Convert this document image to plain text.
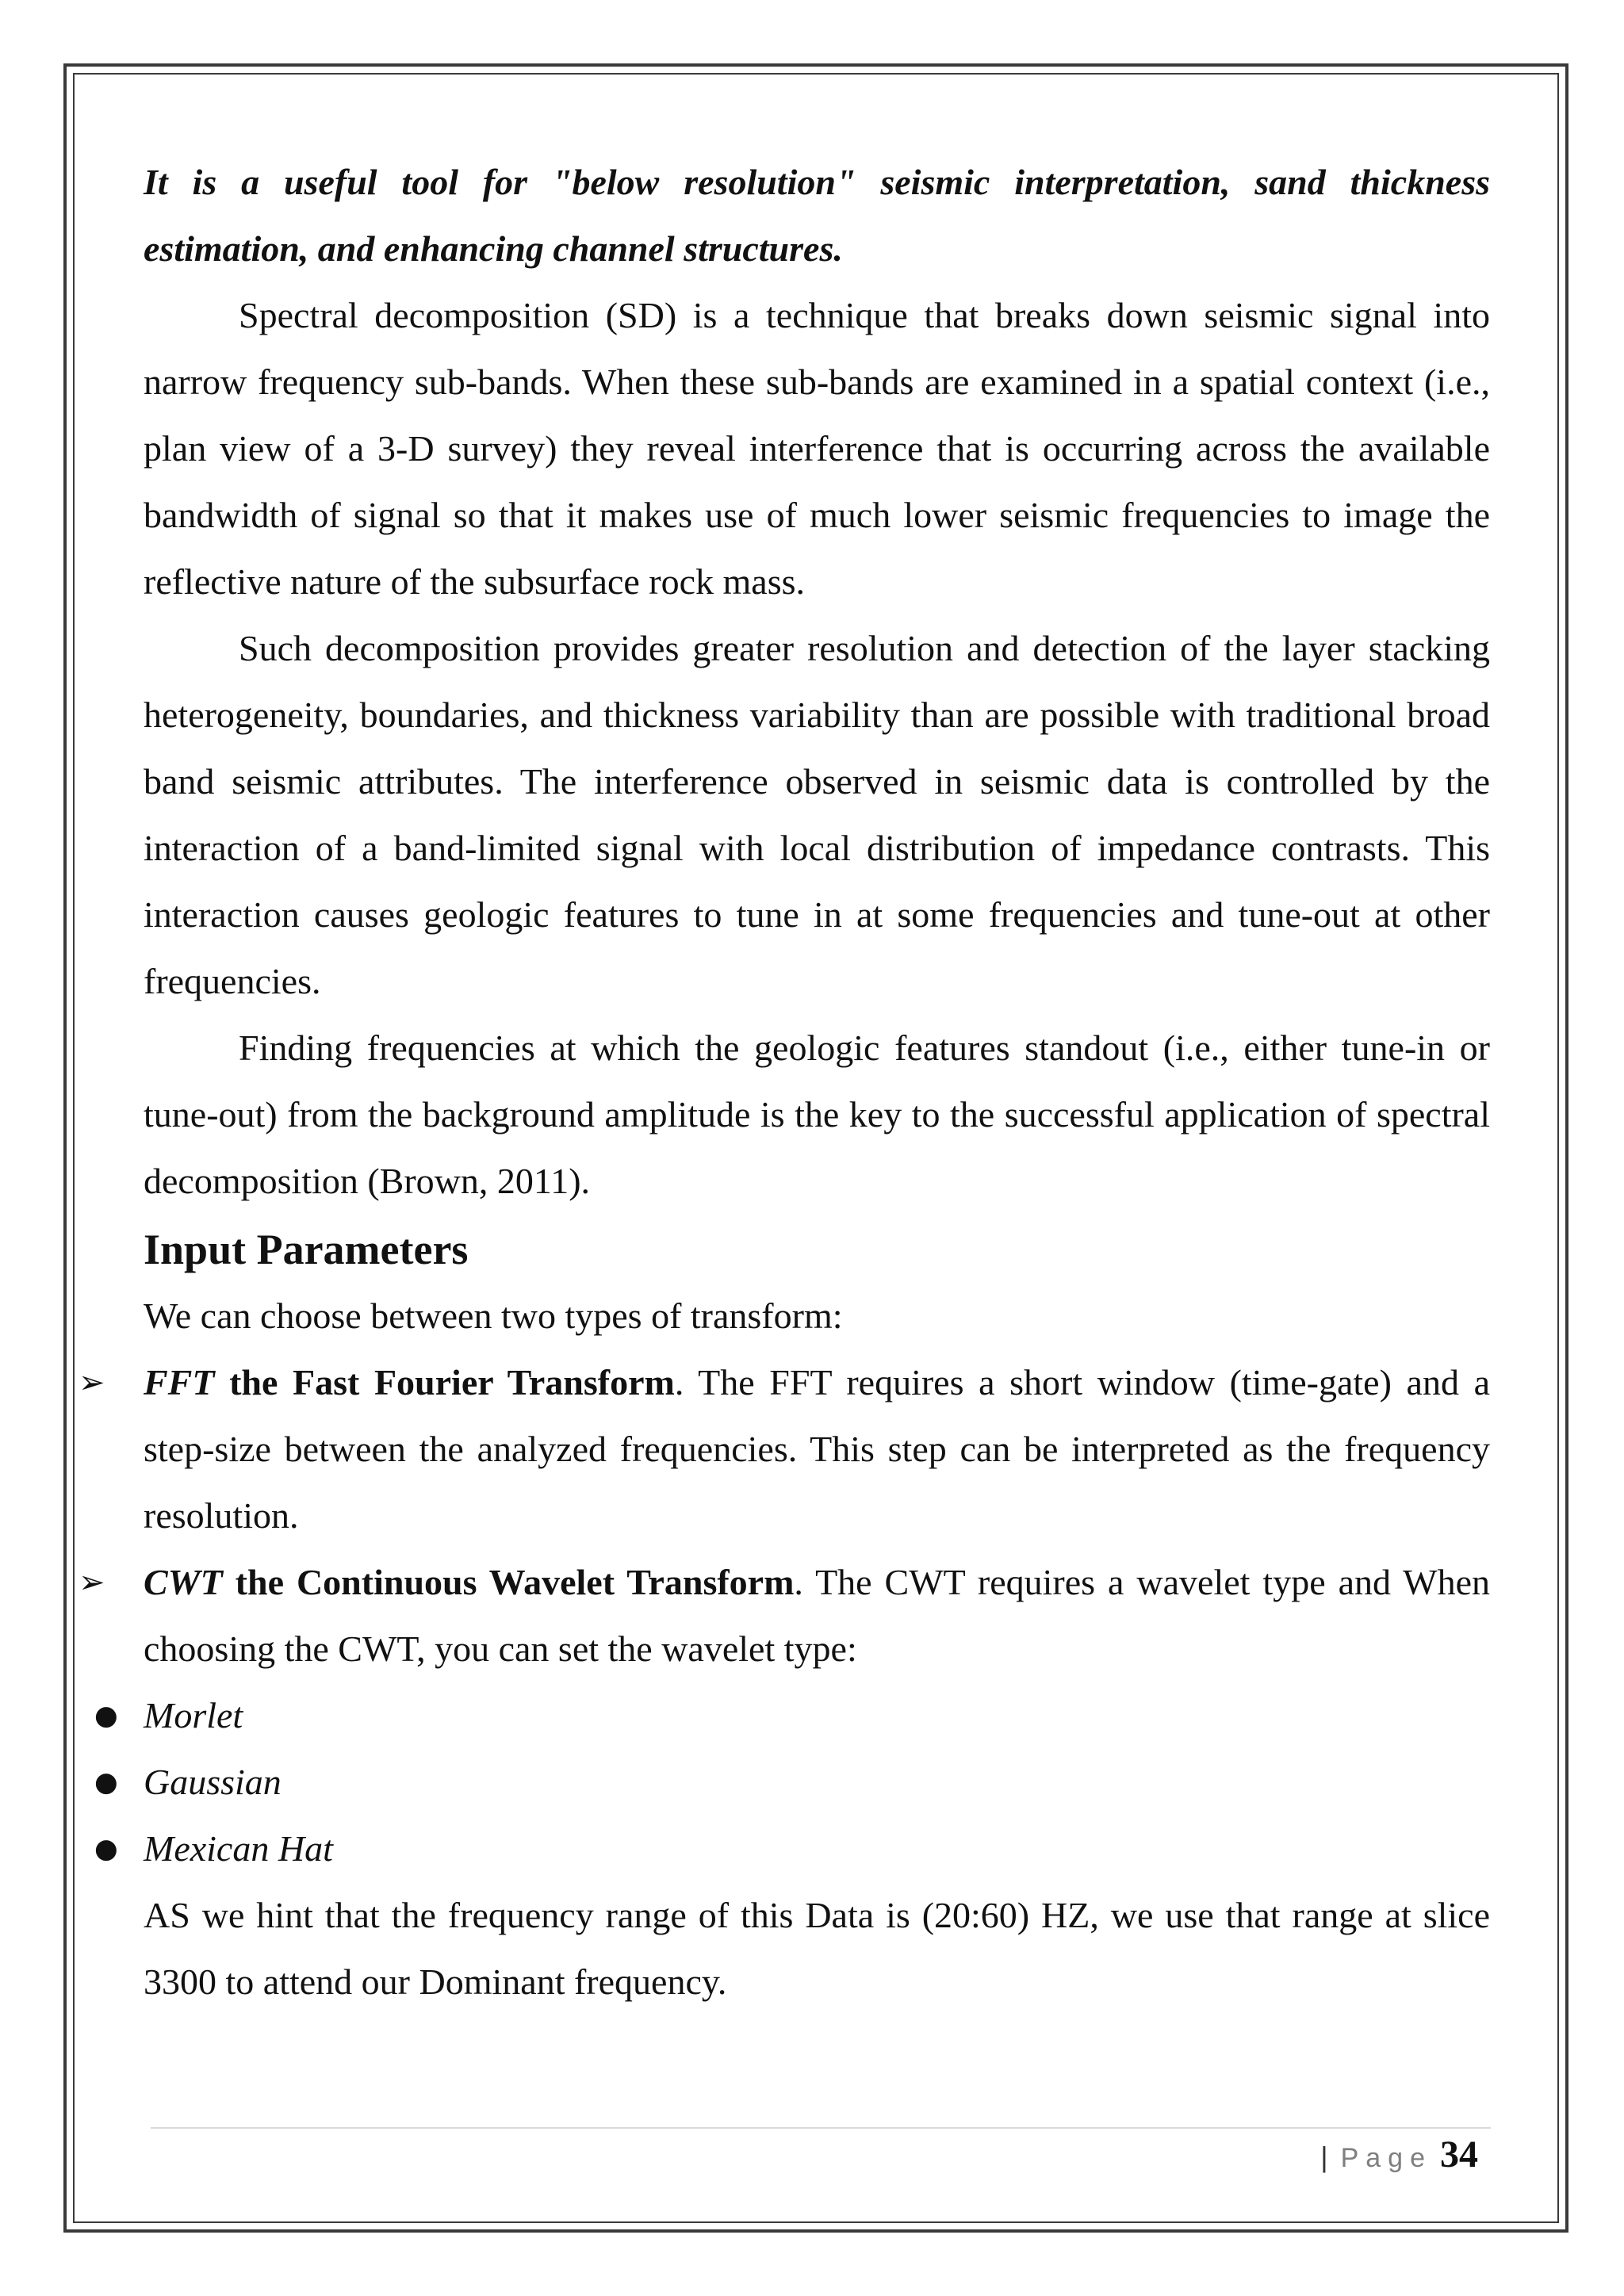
It is a useful tool for "below resolution" seismic interpretation, sand thickness estimation, and enhancing channel structures.

Spectral decomposition (SD) is a technique that breaks down seismic signal into narrow frequency sub-bands. When these sub-bands are examined in a spatial context (i.e., plan view of a 3-D survey) they reveal interference that is occurring across the available bandwidth of signal so that it makes use of much lower seismic frequencies to image the reflective nature of the subsurface rock mass.

Such decomposition provides greater resolution and detection of the layer stacking heterogeneity, boundaries, and thickness variability than are possible with traditional broad band seismic attributes. The interference observed in seismic data is controlled by the interaction of a band-limited signal with local distribution of impedance contrasts. This interaction causes geologic features to tune in at some frequencies and tune-out at other frequencies.

Finding frequencies at which the geologic features standout (i.e., either tune-in or tune-out) from the background amplitude is the key to the successful application of spectral decomposition (Brown, 2011).

Input Parameters

We can choose between two types of transform:

➢ FFT the Fast Fourier Transform. The FFT requires a short window (time-gate) and a step-size between the analyzed frequencies. This step can be interpreted as the frequency resolution.

➢ CWT the Continuous Wavelet Transform. The CWT requires a wavelet type and When choosing the CWT, you can set the wavelet type:

● Morlet

● Gaussian

● Mexican Hat

AS we hint that the frequency range of this Data is (20:60) HZ, we use that range at slice 3300 to attend our Dominant frequency.

| Page 34
